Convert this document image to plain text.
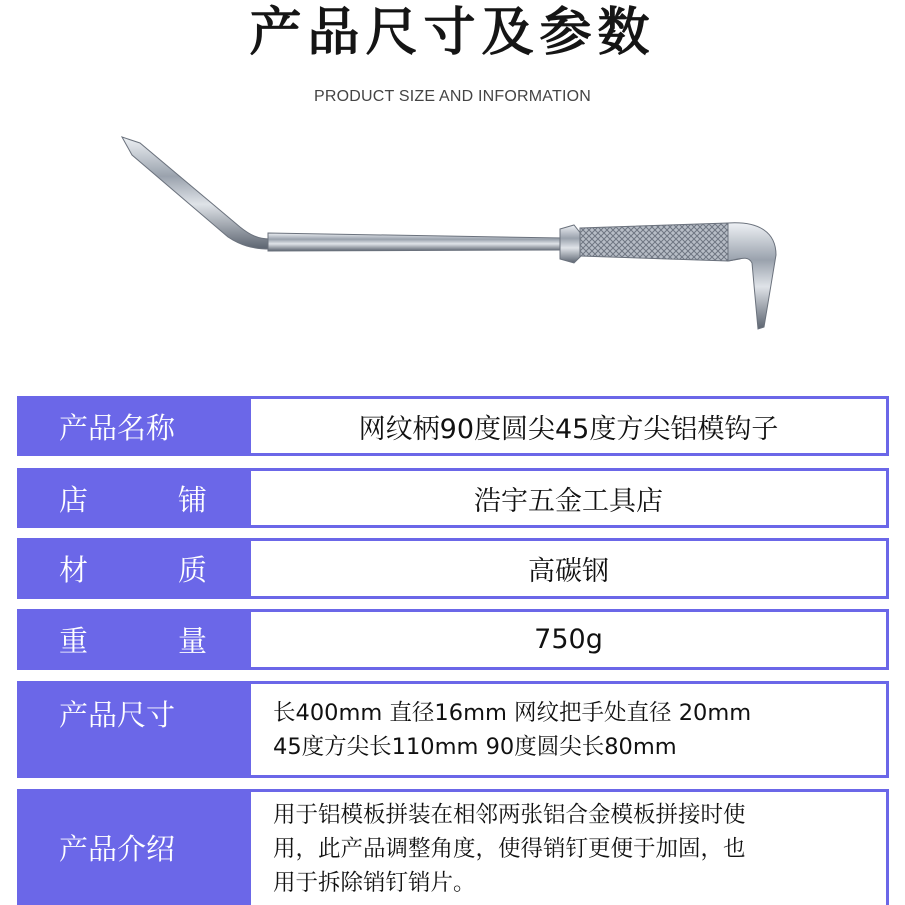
产品尺寸及参数
PRODUCT SIZE AND INFORMATION
产品名称	网纹柄90度圆尖45度方尖铝模钩子
店	铺	浩宇五金工具店
材	质	高碳钢
重	量	750g
产品尺寸	长400mm 直径16mm 网纹把手处直径 20mm
45度方尖长110mm 90度圆尖长80mm
产品介绍
用于铝模板拼装在相邻两张铝合金模板拼接时使
用，此产品调整角度，使得销钉更便于加固，也
用于拆除销钉销片。
